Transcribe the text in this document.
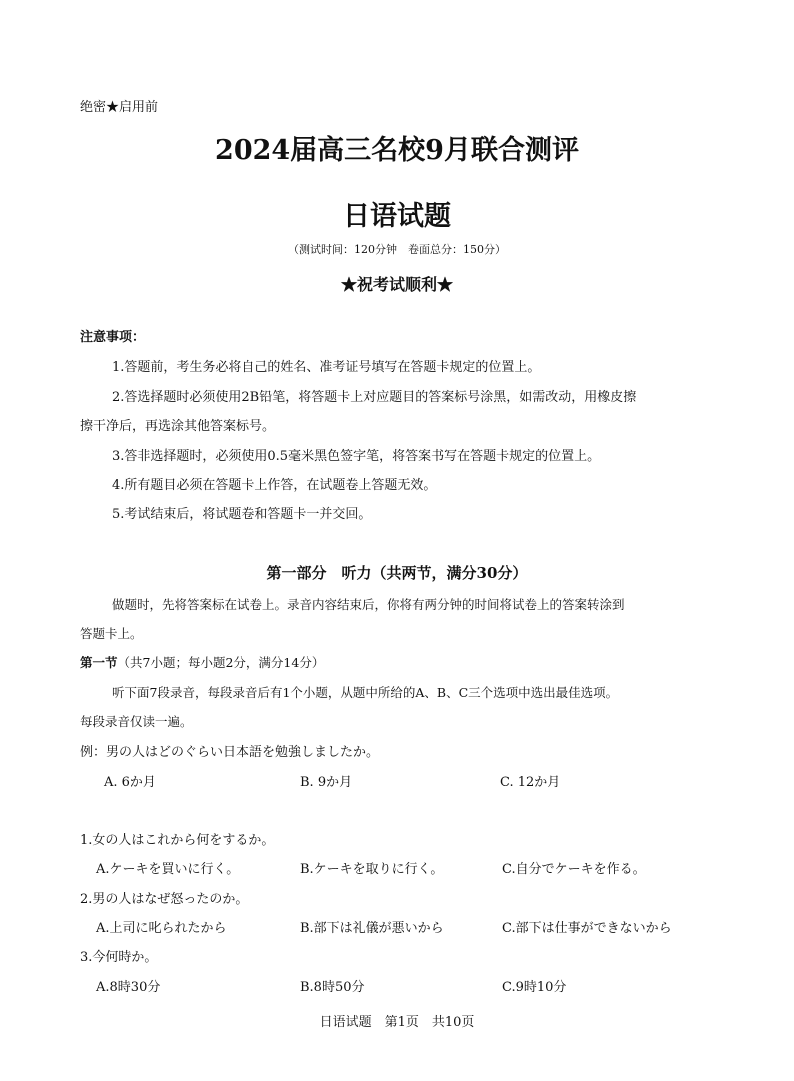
绝密★启用前
2024届高三名校9月联合测评
日语试题
（测试时间：120分钟　卷面总分：150分）
★祝考试顺利★
注意事项：
1.答题前，考生务必将自己的姓名、准考证号填写在答题卡规定的位置上。
2.答选择题时必须使用2B铅笔，将答题卡上对应题目的答案标号涂黑，如需改动，用橡皮擦
擦干净后，再选涂其他答案标号。
3.答非选择题时，必须使用0.5毫米黑色签字笔，将答案书写在答题卡规定的位置上。
4.所有题目必须在答题卡上作答，在试题卷上答题无效。
5.考试结束后，将试题卷和答题卡一并交回。
第一部分　听力（共两节，满分30分）
做题时，先将答案标在试卷上。录音内容结束后，你将有两分钟的时间将试卷上的答案转涂到
答题卡上。
第一节（共7小题；每小题2分，满分14分）
听下面7段录音，每段录音后有1个小题，从题中所给的A、B、C三个选项中选出最佳选项。
每段录音仅读一遍。
例：男の人はどのぐらい日本語を勉強しましたか。
A. 6か月	B. 9か月	C. 12か月
1.女の人はこれから何をするか。
A.ケーキを買いに行く。	B.ケーキを取りに行く。	C.自分でケーキを作る。
2.男の人はなぜ怒ったのか。
A.上司に叱られたから	B.部下は礼儀が悪いから	C.部下は仕事ができないから
3.今何時か。
A.8時30分	B.8時50分	C.9時10分
日语试题　第1页　共10页
